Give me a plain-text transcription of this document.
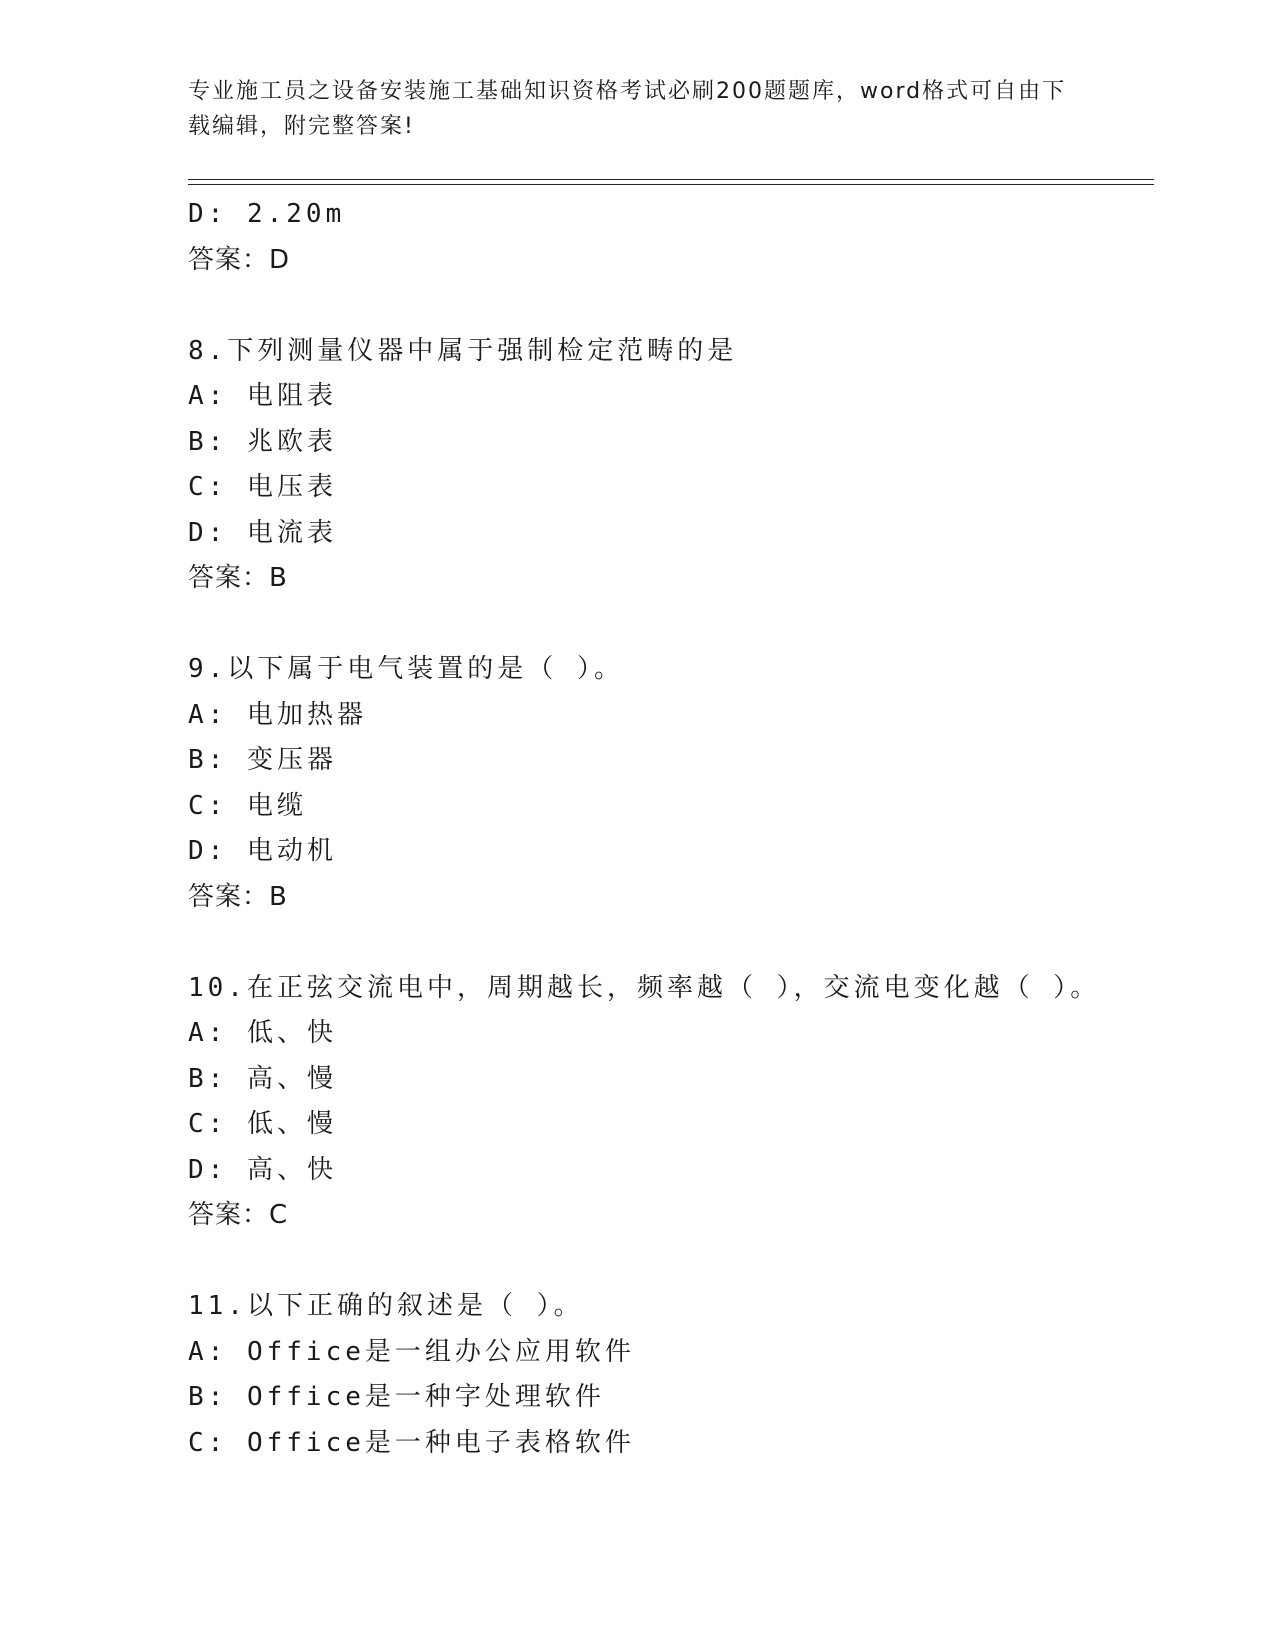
专业施工员之设备安装施工基础知识资格考试必刷200题题库，word格式可自由下载编辑，附完整答案!
D: 2.20m
答案：D
8.下列测量仪器中属于强制检定范畴的是
A: 电阻表
B: 兆欧表
C: 电压表
D: 电流表
答案：B
9.以下属于电气装置的是（ ）。
A: 电加热器
B: 变压器
C: 电缆
D: 电动机
答案：B
10.在正弦交流电中，周期越长，频率越（ ），交流电变化越（ ）。
A: 低、快
B: 高、慢
C: 低、慢
D: 高、快
答案：C
11.以下正确的叙述是（ ）。
A: Office是一组办公应用软件
B: Office是一种字处理软件
C: Office是一种电子表格软件
